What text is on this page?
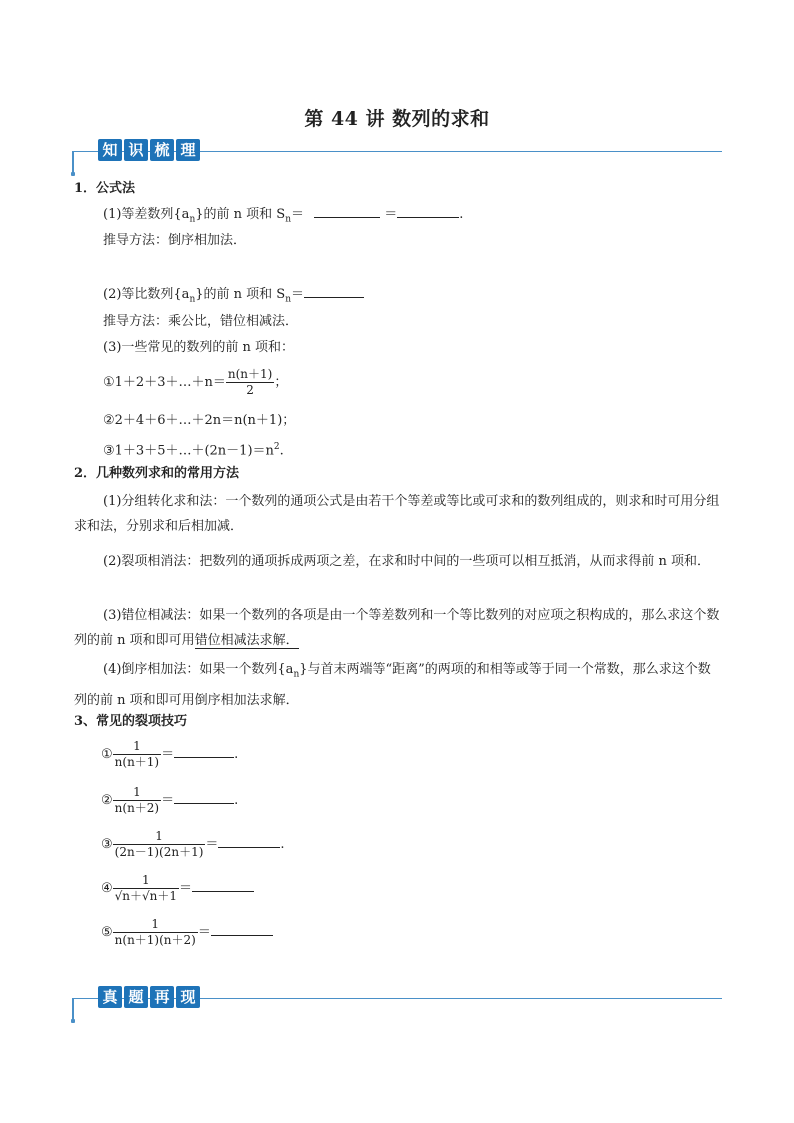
第 44 讲 数列的求和
知 识 梳 理
1．公式法
(1)等差数列$\{a_n\}$的前 n 项和 $S_n=$	＝	.
推导方法：倒序相加法．
(2)等比数列$\{a_n\}$的前 n 项和 $S_n=$
推导方法：乘公比，错位相减法．
(3)一些常见的数列的前 n 项和：
①1＋2＋3＋…＋n＝ $\frac{n(n+1)}{2}$ ；
②2＋4＋6＋…＋2n＝n(n＋1)；
$③1+3+5+\dots+(2n-1)=n^2$.
2．几种数列求和的常用方法
(1)分组转化求和法：一个数列的通项公式是由若干个等差或等比或可求和的数列组成的，则求和时可用分组求和法，分别求和后相加减．
(2)裂项相消法：把数列的通项拆成两项之差，在求和时中间的一些项可以相互抵消，从而求得前 n 项和．
(3)错位相减法：如果一个数列的各项是由一个等差数列和一个等比数列的对应项之积构成的，那么求这个数列的前 n 项和即可用错位相减法求解．
(4)倒序相加法：如果一个数列$\{a_n\}$与首末两端等“距离”的两项的和相等或等于同一个常数，那么求这个数列的前 n 项和即可用倒序相加法求解．
3、常见的裂项技巧
① $\frac{1}{n(n+1)}$ ＝	.
② $\frac{1}{n(n+2)}$ ＝	.
③ $\frac{1}{(2n-1)(2n+1)}$ ＝	.
④ $\frac{1}{√n+√n+1}$ ＝
⑤ $\frac{1}{n(n+1)(n+2)}$ ＝
真 题 再 现
